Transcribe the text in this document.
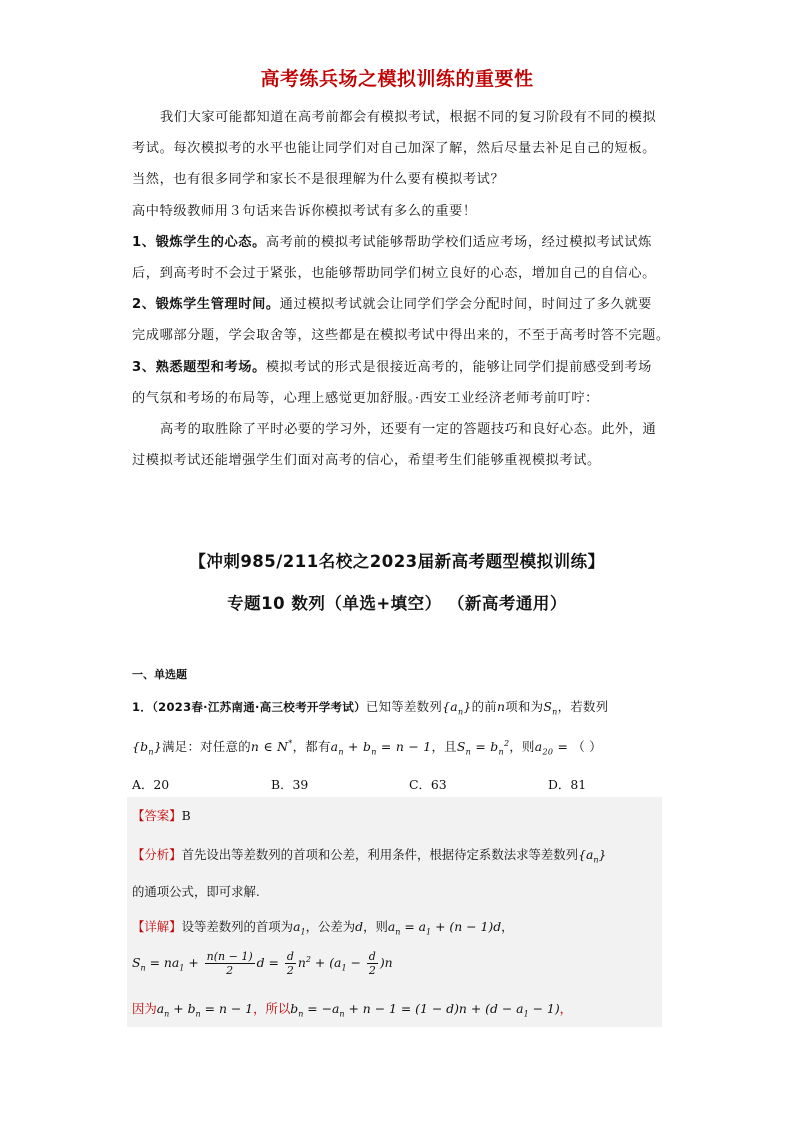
高考练兵场之模拟训练的重要性
我们大家可能都知道在高考前都会有模拟考试，根据不同的复习阶段有不同的模拟
考试。每次模拟考的水平也能让同学们对自己加深了解，然后尽量去补足自己的短板。
当然，也有很多同学和家长不是很理解为什么要有模拟考试？
高中特级教师用３句话来告诉你模拟考试有多么的重要！
1、锻炼学生的心态。高考前的模拟考试能够帮助学校们适应考场，经过模拟考试试炼
后，到高考时不会过于紧张，也能够帮助同学们树立良好的心态，增加自己的自信心。
2、锻炼学生管理时间。通过模拟考试就会让同学们学会分配时间，时间过了多久就要
完成哪部分题，学会取舍等，这些都是在模拟考试中得出来的，不至于高考时答不完题。
3、熟悉题型和考场。模拟考试的形式是很接近高考的，能够让同学们提前感受到考场
的气氛和考场的布局等，心理上感觉更加舒服。·西安工业经济老师考前叮咛：
高考的取胜除了平时必要的学习外，还要有一定的答题技巧和良好心态。此外，通
过模拟考试还能增强学生们面对高考的信心，希望考生们能够重视模拟考试。
【冲刺985/211名校之2023届新高考题型模拟训练】
专题10 数列（单选+填空） （新高考通用）
一、单选题
1．（2023春·江苏南通·高三校考开学考试）已知等差数列$\{a_n\}$的前n项和为$S_n$，若数列
$\{b_n\}$满足：对任意的n ∈ N*，都有$a_n + b_n = n - 1$，且$S_n = b_n^2$，则$a_{20}$ = （ ）
A．20	B．39	C．63	D．81
【答案】B
【分析】首先设出等差数列的首项和公差，利用条件，根据待定系数法求等差数列$\{a_n\}$
的通项公式，即可求解.
【详解】设等差数列的首项为$a_1$，公差为d，则$a_n = a_1 + (n - 1)d$，
$S_n = na_1 + \frac{n(n - 1)}{2}$ $d = \frac{d}{2} n^2 + (a_1 - \frac{d}{2} )n$
因为$a_n + b_n = n - 1$，所以$b_n = -a_n + n - 1 = (1 - d)n + (d - a_1 - 1)$，
